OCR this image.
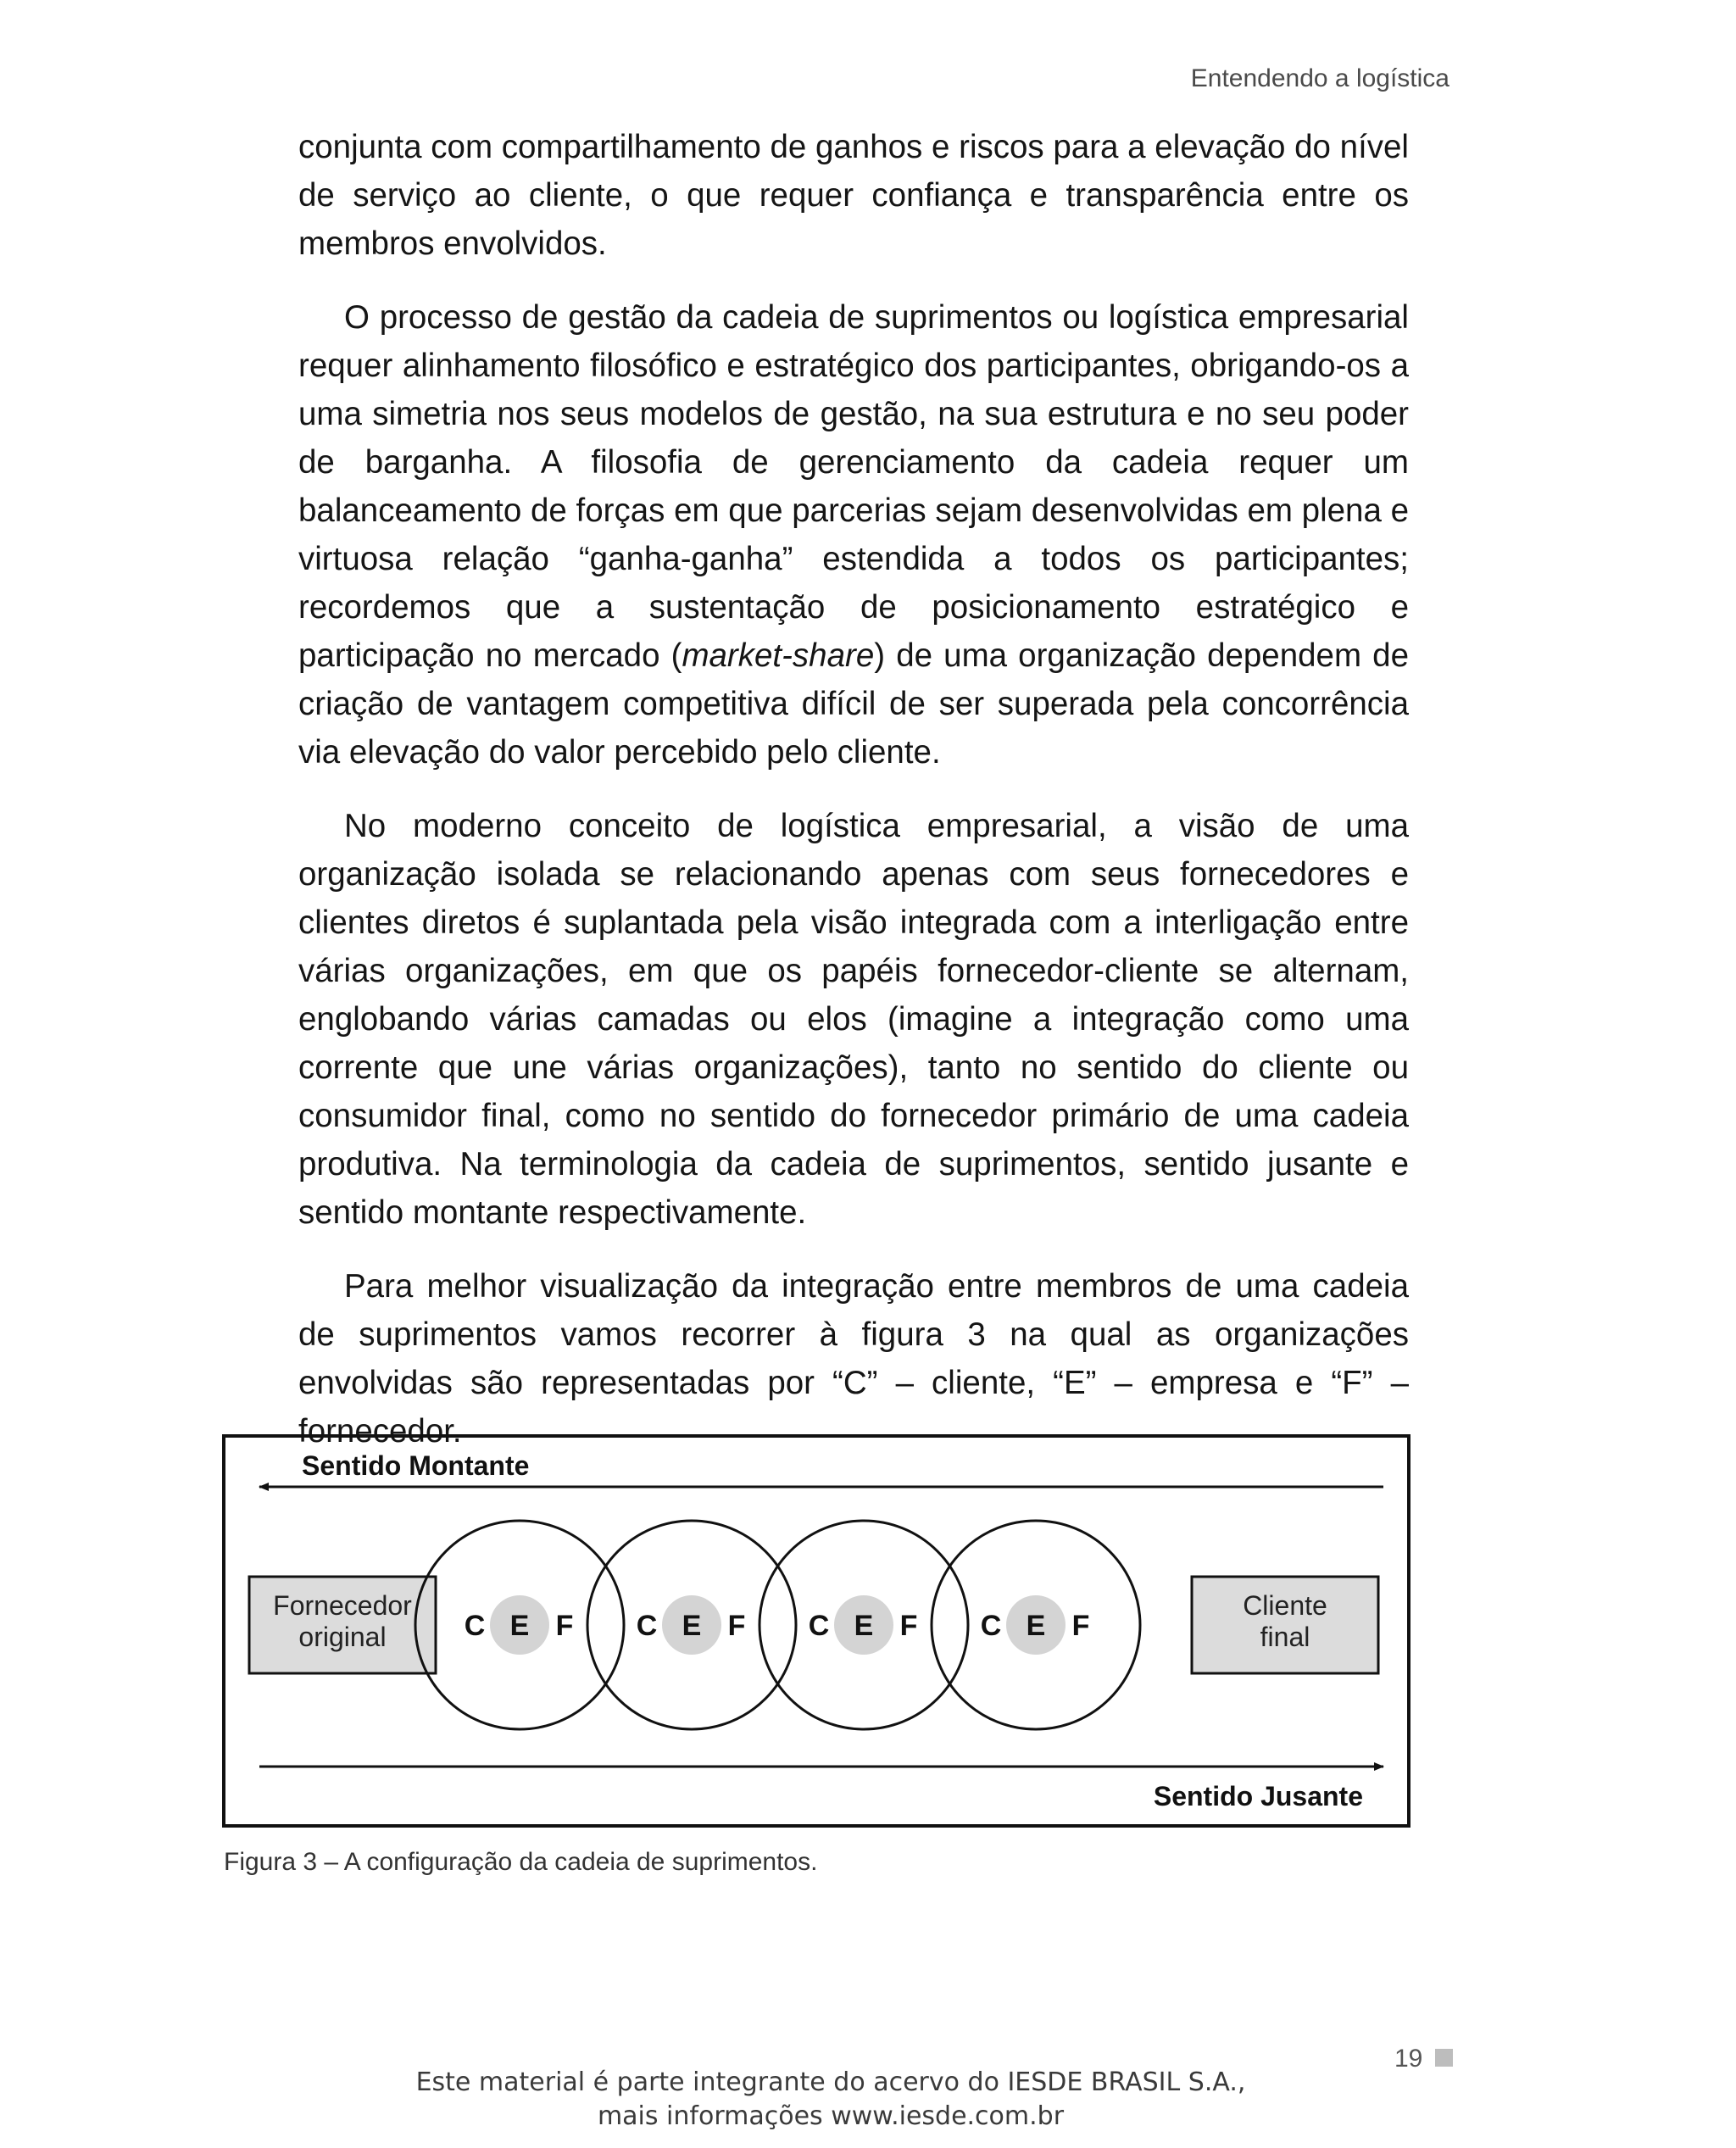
Entendendo a logística

conjunta com compartilhamento de ganhos e riscos para a elevação do nível de serviço ao cliente, o que requer confiança e transparência entre os membros envolvidos.

O processo de gestão da cadeia de suprimentos ou logística empresarial requer alinhamento filosófico e estratégico dos participantes, obrigando-os a uma simetria nos seus modelos de gestão, na sua estrutura e no seu poder de barganha. A filosofia de gerenciamento da cadeia requer um balanceamento de forças em que parcerias sejam desenvolvidas em plena e virtuosa relação “ganha-ganha” estendida a todos os participantes; recordemos que a sustentação de posicionamento estratégico e participação no mercado (market-share) de uma organização dependem de criação de vantagem competitiva difícil de ser superada pela concorrência via elevação do valor percebido pelo cliente.

No moderno conceito de logística empresarial, a visão de uma organização isolada se relacionando apenas com seus fornecedores e clientes diretos é suplantada pela visão integrada com a interligação entre várias organizações, em que os papéis fornecedor-cliente se alternam, englobando várias camadas ou elos (imagine a integração como uma corrente que une várias organizações), tanto no sentido do cliente ou consumidor final, como no sentido do fornecedor primário de uma cadeia produtiva. Na terminologia da cadeia de suprimentos, sentido jusante e sentido montante respectivamente.

Para melhor visualização da integração entre membros de uma cadeia de suprimentos vamos recorrer à figura 3 na qual as organizações envolvidas são representadas por “C” – cliente, “E” – empresa e “F” – fornecedor.

Sentido Montante
Fornecedor
original
Cliente
final
C E F C E F C E F C E F
Sentido Jusante
Figura 3 – A configuração da cadeia de suprimentos.
19
Este material é parte integrante do acervo do IESDE BRASIL S.A.,
mais informações www.iesde.com.br
